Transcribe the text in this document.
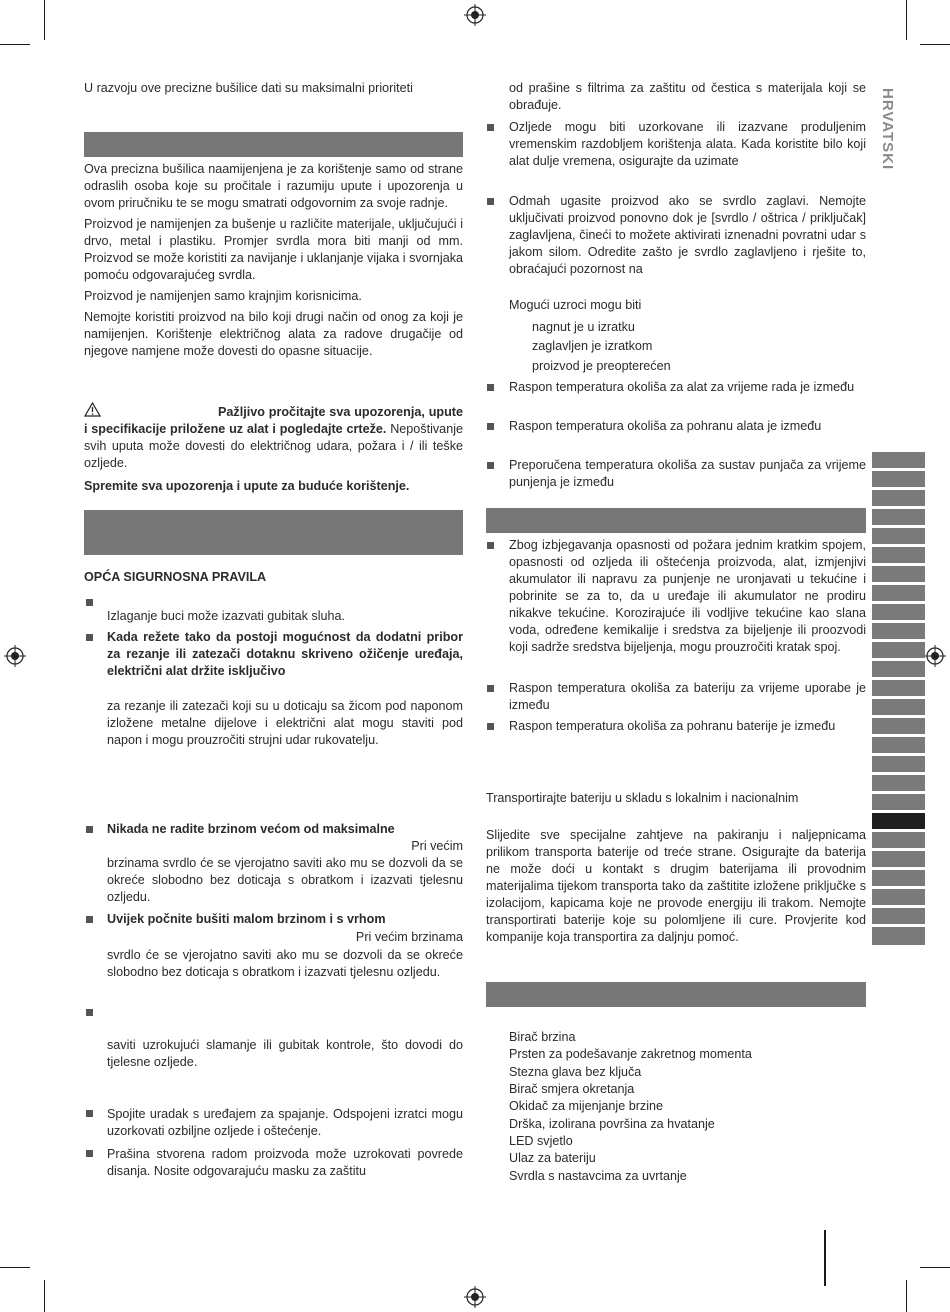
HRVATSKI

U razvoju ove precizne bušilice dati su maksimalni prioriteti

Ova precizna bušilica naamijenjena je za korištenje samo od strane odraslih osoba koje su pročitale i razumiju upute i upozorenja u ovom priručniku te se mogu smatrati odgovornim za svoje radnje.

Proizvod je namijenjen za bušenje u različite materijale, uključujući i drvo, metal i plastiku. Promjer svrdla mora biti manji od mm. Proizvod se može koristiti za navijanje i uklanjanje vijaka i svornjaka pomoću odgovarajućeg svrdla.

Proizvod je namijenjen samo krajnjim korisnicima.

Nemojte koristiti proizvod na bilo koji drugi način od onog za koji je namijenjen. Korištenje električnog alata za radove drugačije od njegove namjene može dovesti do opasne situacije.

Pažljivo pročitajte sva upozorenja, upute i specifikacije priložene uz alat i pogledajte crteže. Nepoštivanje svih uputa može dovesti do električnog udara, požara i / ili teške ozljede.

Spremite sva upozorenja i upute za buduće korištenje.

OPĆA SIGURNOSNA PRAVILA

Izlaganje buci može izazvati gubitak sluha.

Kada režete tako da postoji mogućnost da dodatni pribor za rezanje ili zatezači dotaknu skriveno ožičenje uređaja, električni alat držite isključivo

za rezanje ili zatezači koji su u doticaju sa žicom pod naponom izložene metalne dijelove i električni alat mogu staviti pod napon i mogu prouzročiti strujni udar rukovatelju.

Nikada ne radite brzinom većom od maksimalne

Pri većim

brzinama svrdlo će se vjerojatno saviti ako mu se dozvoli da se okreće slobodno bez doticaja s obratkom i izazvati tjelesnu ozljedu.

Uvijek počnite bušiti malom brzinom i s vrhom

Pri većim brzinama

svrdlo će se vjerojatno saviti ako mu se dozvoli da se okreće slobodno bez doticaja s obratkom i izazvati tjelesnu ozljedu.

saviti uzrokujući slamanje ili gubitak kontrole, što dovodi do tjelesne ozljede.

Spojite uradak s uređajem za spajanje. Odspojeni izratci mogu uzorkovati ozbiljne ozljede i oštećenje.

Prašina stvorena radom proizvoda može uzrokovati povrede disanja. Nosite odgovarajuću masku za zaštitu

od prašine s filtrima za zaštitu od čestica s materijala koji se obrađuje.

Ozljede mogu biti uzorkovane ili izazvane produljenim vremenskim razdobljem korištenja alata. Kada koristite bilo koji alat dulje vremena, osigurajte da uzimate

Odmah ugasite proizvod ako se svrdlo zaglavi. Nemojte uključivati proizvod ponovno dok je [svrdlo / oštrica / priključak] zaglavljena, čineći to možete aktivirati iznenadni povratni udar s jakom silom. Odredite zašto je svrdlo zaglavljeno i rješite to, obraćajući pozornost na

Mogući uzroci mogu biti

nagnut je u izratku

zaglavljen je izratkom

proizvod je preopterećen

Raspon temperatura okoliša za alat za vrijeme rada je između

Raspon temperatura okoliša za pohranu alata je između

Preporučena temperatura okoliša za sustav punjača za vrijeme punjenja je između

Zbog izbjegavanja opasnosti od požara jednim kratkim spojem, opasnosti od ozljeda ili oštećenja proizvoda, alat, izmjenjivi akumulator ili napravu za punjenje ne uronjavati u tekućine i pobrinite se za to, da u uređaje ili akumulator ne prodiru nikakve tekućine. Korozirajuće ili vodljive tekućine kao slana voda, određene kemikalije i sredstva za bijeljenje ili proozvodi koji sadrže sredstva bijeljenja, mogu prouzročiti kratak spoj.

Raspon temperatura okoliša za bateriju za vrijeme uporabe je između

Raspon temperatura okoliša za pohranu baterije je između

Transportirajte bateriju u skladu s lokalnim i nacionalnim

Slijedite sve specijalne zahtjeve na pakiranju i naljepnicama prilikom transporta baterije od treće strane. Osigurajte da baterija ne može doći u kontakt s drugim baterijama ili provodnim materijalima tijekom transporta tako da zaštitite izložene priključke s izolacijom, kapicama koje ne provode energiju ili trakom. Nemojte transportirati baterije koje su polomljene ili cure. Provjerite kod kompanije koja transportira za daljnju pomoć.

Birač brzina

Prsten za podešavanje zakretnog momenta

Stezna glava bez ključa

Birač smjera okretanja

Okidač za mijenjanje brzine

Drška, izolirana površina za hvatanje

LED svjetlo

Ulaz za bateriju

Svrdla s nastavcima za uvrtanje
